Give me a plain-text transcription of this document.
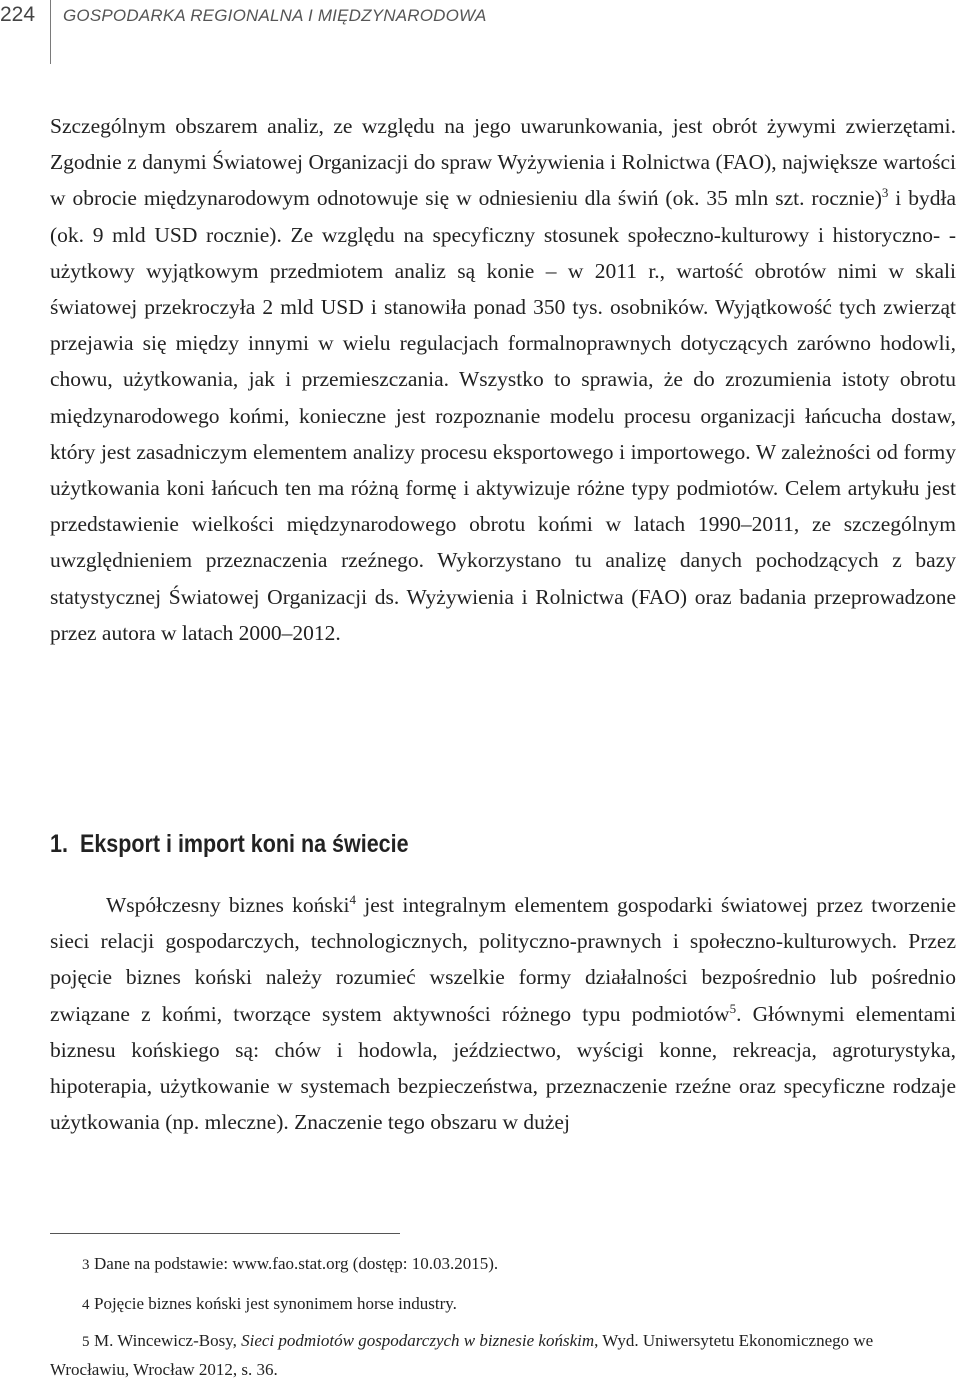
224 GOSPODARKA REGIONALNA I MIĘDZYNARODOWA

Szczególnym obszarem analiz, ze względu na jego uwarunkowania, jest obrót żywymi zwierzętami. Zgodnie z danymi Światowej Organizacji do spraw Wyżywienia i Rolnictwa (FAO), największe wartości w obrocie międzynarodowym odnotowuje się w odniesieniu dla świń (ok. 35 mln szt. rocznie)$^3$ i bydła (ok. 9 mld USD rocznie). Ze względu na specyficzny stosunek społeczno-kulturowy i historyczno- -użytkowy wyjątkowym przedmiotem analiz są konie – w 2011 r., wartość obrotów nimi w skali światowej przekroczyła 2 mld USD i stanowiła ponad 350 tys. osobników. Wyjątkowość tych zwierząt przejawia się między innymi w wielu regulacjach formalnoprawnych dotyczących zarówno hodowli, chowu, użytkowania, jak i przemieszczania. Wszystko to sprawia, że do zrozumienia istoty obrotu międzynarodowego końmi, konieczne jest rozpoznanie modelu procesu organizacji łańcucha dostaw, który jest zasadniczym elementem analizy procesu eksportowego i importowego. W zależności od formy użytkowania koni łańcuch ten ma różną formę i aktywizuje różne typy podmiotów. Celem artykułu jest przedstawienie wielkości międzynarodowego obrotu końmi w latach 1990–2011, ze szczególnym uwzględnieniem przeznaczenia rzeźnego. Wykorzystano tu analizę danych pochodzących z bazy statystycznej Światowej Organizacji ds. Wyżywienia i Rolnictwa (FAO) oraz badania przeprowadzone przez autora w latach 2000–2012.

1. Eksport i import koni na świecie

Współczesny biznes koński$^4$ jest integralnym elementem gospodarki światowej przez tworzenie sieci relacji gospodarczych, technologicznych, polityczno-prawnych i społeczno-kulturowych. Przez pojęcie biznes koński należy rozumieć wszelkie formy działalności bezpośrednio lub pośrednio związane z końmi, tworzące system aktywności różnego typu podmiotów$^5$. Głównymi elementami biznesu końskiego są: chów i hodowla, jeździectwo, wyścigi konne, rekreacja, agroturystyka, hipoterapia, użytkowanie w systemach bezpieczeństwa, przeznaczenie rzeźne oraz specyficzne rodzaje użytkowania (np. mleczne). Znaczenie tego obszaru w dużej

3 Dane na podstawie: www.fao.stat.org (dostęp: 10.03.2015).

4 Pojęcie biznes koński jest synonimem horse industry.

5 M. Wincewicz-Bosy, Sieci podmiotów gospodarczych w biznesie końskim, Wyd. Uniwersytetu Ekonomicznego we Wrocławiu, Wrocław 2012, s. 36.
